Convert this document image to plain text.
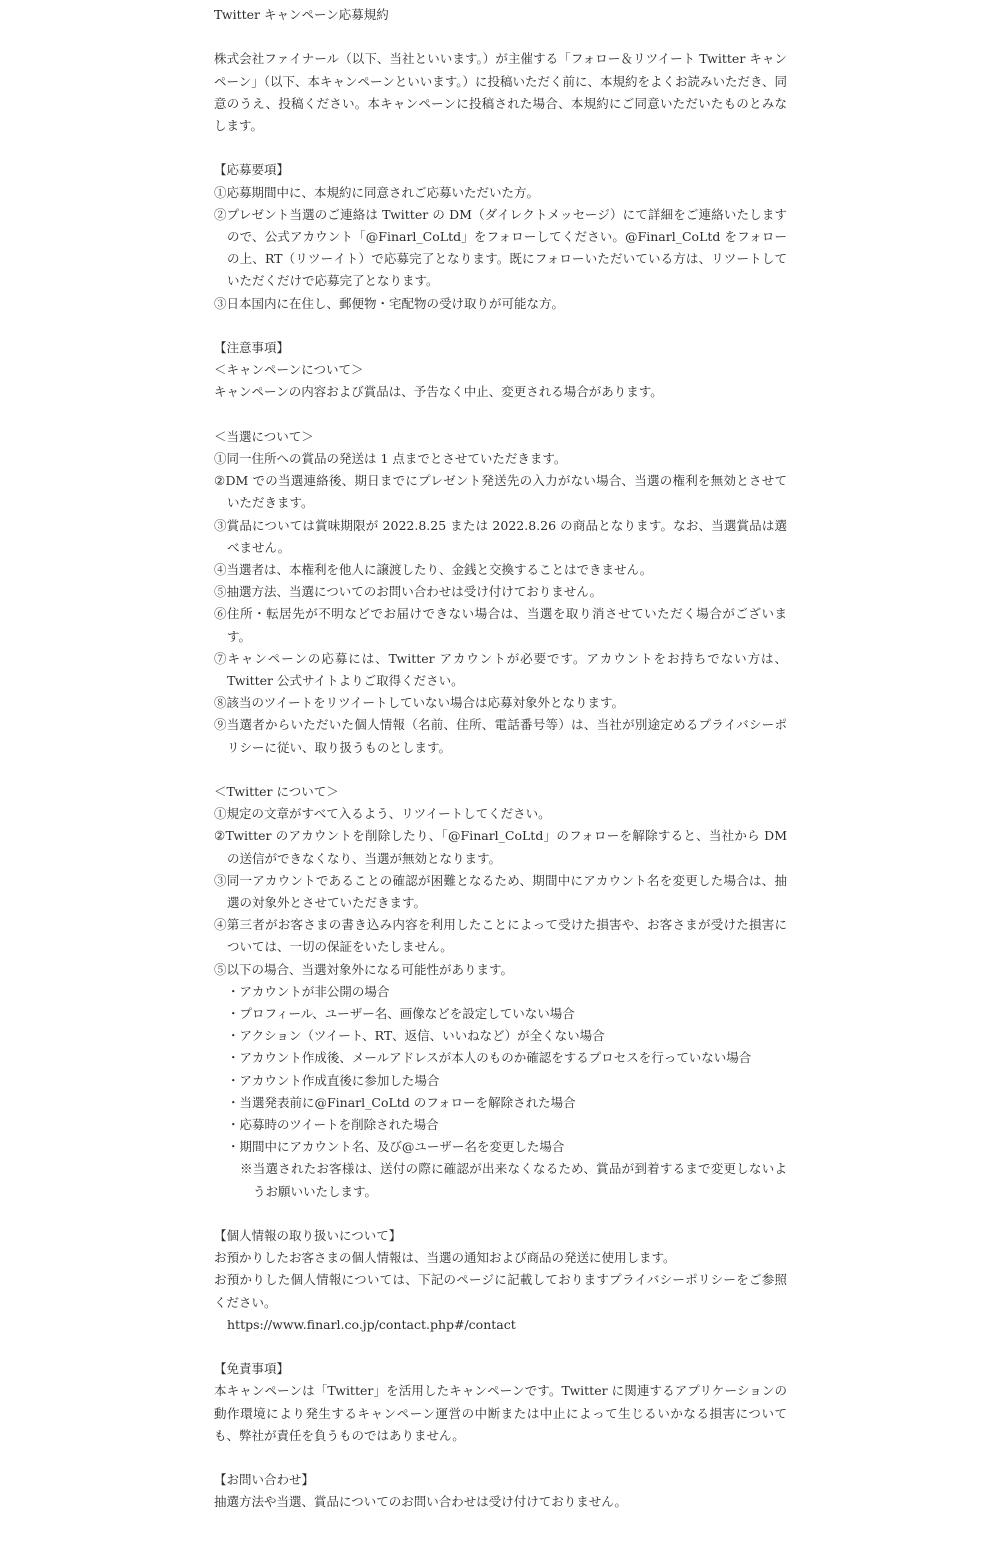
Twitter キャンペーン応募規約

株式会社ファイナール（以下、当社といいます。）が主催する「フォロー＆リツイート Twitter キャンペーン」（以下、本キャンペーンといいます。）に投稿いただく前に、本規約をよくお読みいただき、同意のうえ、投稿ください。本キャンペーンに投稿された場合、本規約にご同意いただいたものとみなします。

【応募要項】

①応募期間中に、本規約に同意されご応募いただいた方。

②プレゼント当選のご連絡は Twitter の DM（ダイレクトメッセージ）にて詳細をご連絡いたしますので、公式アカウント「@Finarl_CoLtd」をフォローしてください。@Finarl_CoLtd をフォローの上、RT（リツーイト）で応募完了となります。既にフォローいただいている方は、リツートしていただくだけで応募完了となります。

③日本国内に在住し、郵便物・宅配物の受け取りが可能な方。

【注意事項】

＜キャンペーンについて＞

キャンペーンの内容および賞品は、予告なく中止、変更される場合があります。

＜当選について＞

①同一住所への賞品の発送は 1 点までとさせていただきます。

②DM での当選連絡後、期日までにプレゼント発送先の入力がない場合、当選の権利を無効とさせていただきます。

③賞品については賞味期限が 2022.8.25 または 2022.8.26 の商品となります。なお、当選賞品は選べません。

④当選者は、本権利を他人に譲渡したり、金銭と交換することはできません。

⑤抽選方法、当選についてのお問い合わせは受け付けておりません。

⑥住所・転居先が不明などでお届けできない場合は、当選を取り消させていただく場合がございます。

⑦キャンペーンの応募には、Twitter アカウントが必要です。アカウントをお持ちでない方は、Twitter 公式サイトよりご取得ください。

⑧該当のツイートをリツイートしていない場合は応募対象外となります。

⑨当選者からいただいた個人情報（名前、住所、電話番号等）は、当社が別途定めるプライバシーポリシーに従い、取り扱うものとします。

＜Twitter について＞

①規定の文章がすべて入るよう、リツイートしてください。

②Twitter のアカウントを削除したり、「@Finarl_CoLtd」のフォローを解除すると、当社から DM の送信ができなくなり、当選が無効となります。

③同一アカウントであることの確認が困難となるため、期間中にアカウント名を変更した場合は、抽選の対象外とさせていただきます。

④第三者がお客さまの書き込み内容を利用したことによって受けた損害や、お客さまが受けた損害については、一切の保証をいたしません。

⑤以下の場合、当選対象外になる可能性があります。

・アカウントが非公開の場合

・プロフィール、ユーザー名、画像などを設定していない場合

・アクション（ツイート、RT、返信、いいねなど）が全くない場合

・アカウント作成後、メールアドレスが本人のものか確認をするプロセスを行っていない場合

・アカウント作成直後に参加した場合

・当選発表前に@Finarl_CoLtd のフォローを解除された場合

・応募時のツイートを削除された場合

・期間中にアカウント名、及び@ユーザー名を変更した場合

※当選されたお客様は、送付の際に確認が出来なくなるため、賞品が到着するまで変更しないようお願いいたします。

【個人情報の取り扱いについて】

お預かりしたお客さまの個人情報は、当選の通知および商品の発送に使用します。

お預かりした個人情報については、下記のページに記載しておりますプライバシーポリシーをご参照ください。

https://www.finarl.co.jp/contact.php#/contact

【免責事項】

本キャンペーンは「Twitter」を活用したキャンペーンです。Twitter に関連するアプリケーションの動作環境により発生するキャンペーン運営の中断または中止によって生じるいかなる損害についても、弊社が責任を負うものではありません。

【お問い合わせ】

抽選方法や当選、賞品についてのお問い合わせは受け付けておりません。
